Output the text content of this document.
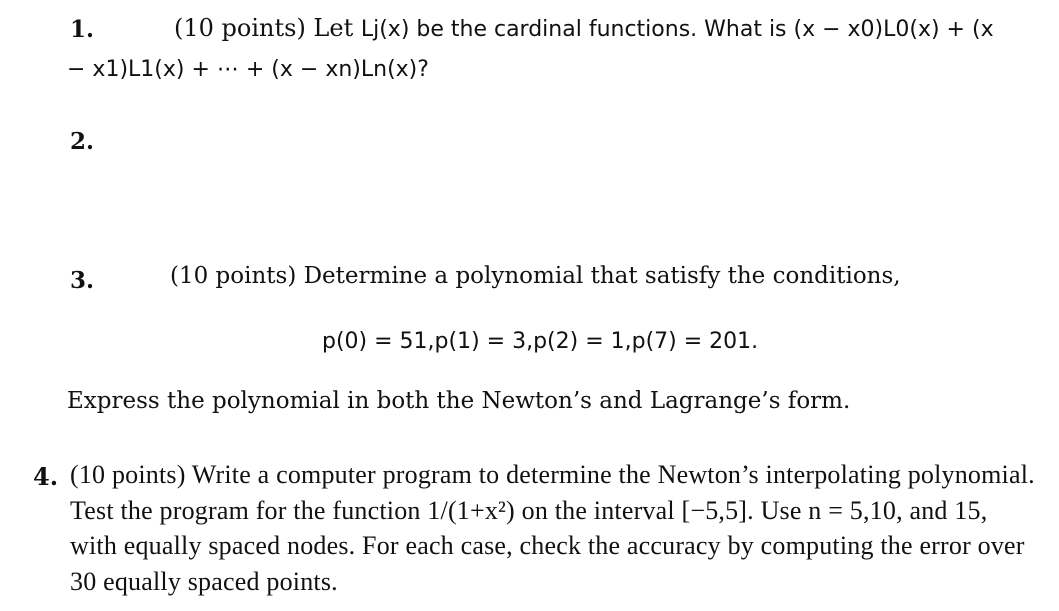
1.	(10 points) Let Lj(x) be the cardinal functions. What is (x − x0)L0(x) + (x
− x1)L1(x) + ⋯ + (x − xn)Ln(x)?
2.
3.	(10 points) Determine a polynomial that satisfy the conditions,
p(0) = 51,p(1) = 3,p(2) = 1,p(7) = 201.
Express the polynomial in both the Newton’s and Lagrange’s form.
4. (10 points) Write a computer program to determine the Newton’s interpolating polynomial. Test the program for the function 1/(1+x²) on the interval [−5,5]. Use n = 5,10, and 15, with equally spaced nodes. For each case, check the accuracy by computing the error over 30 equally spaced points.
